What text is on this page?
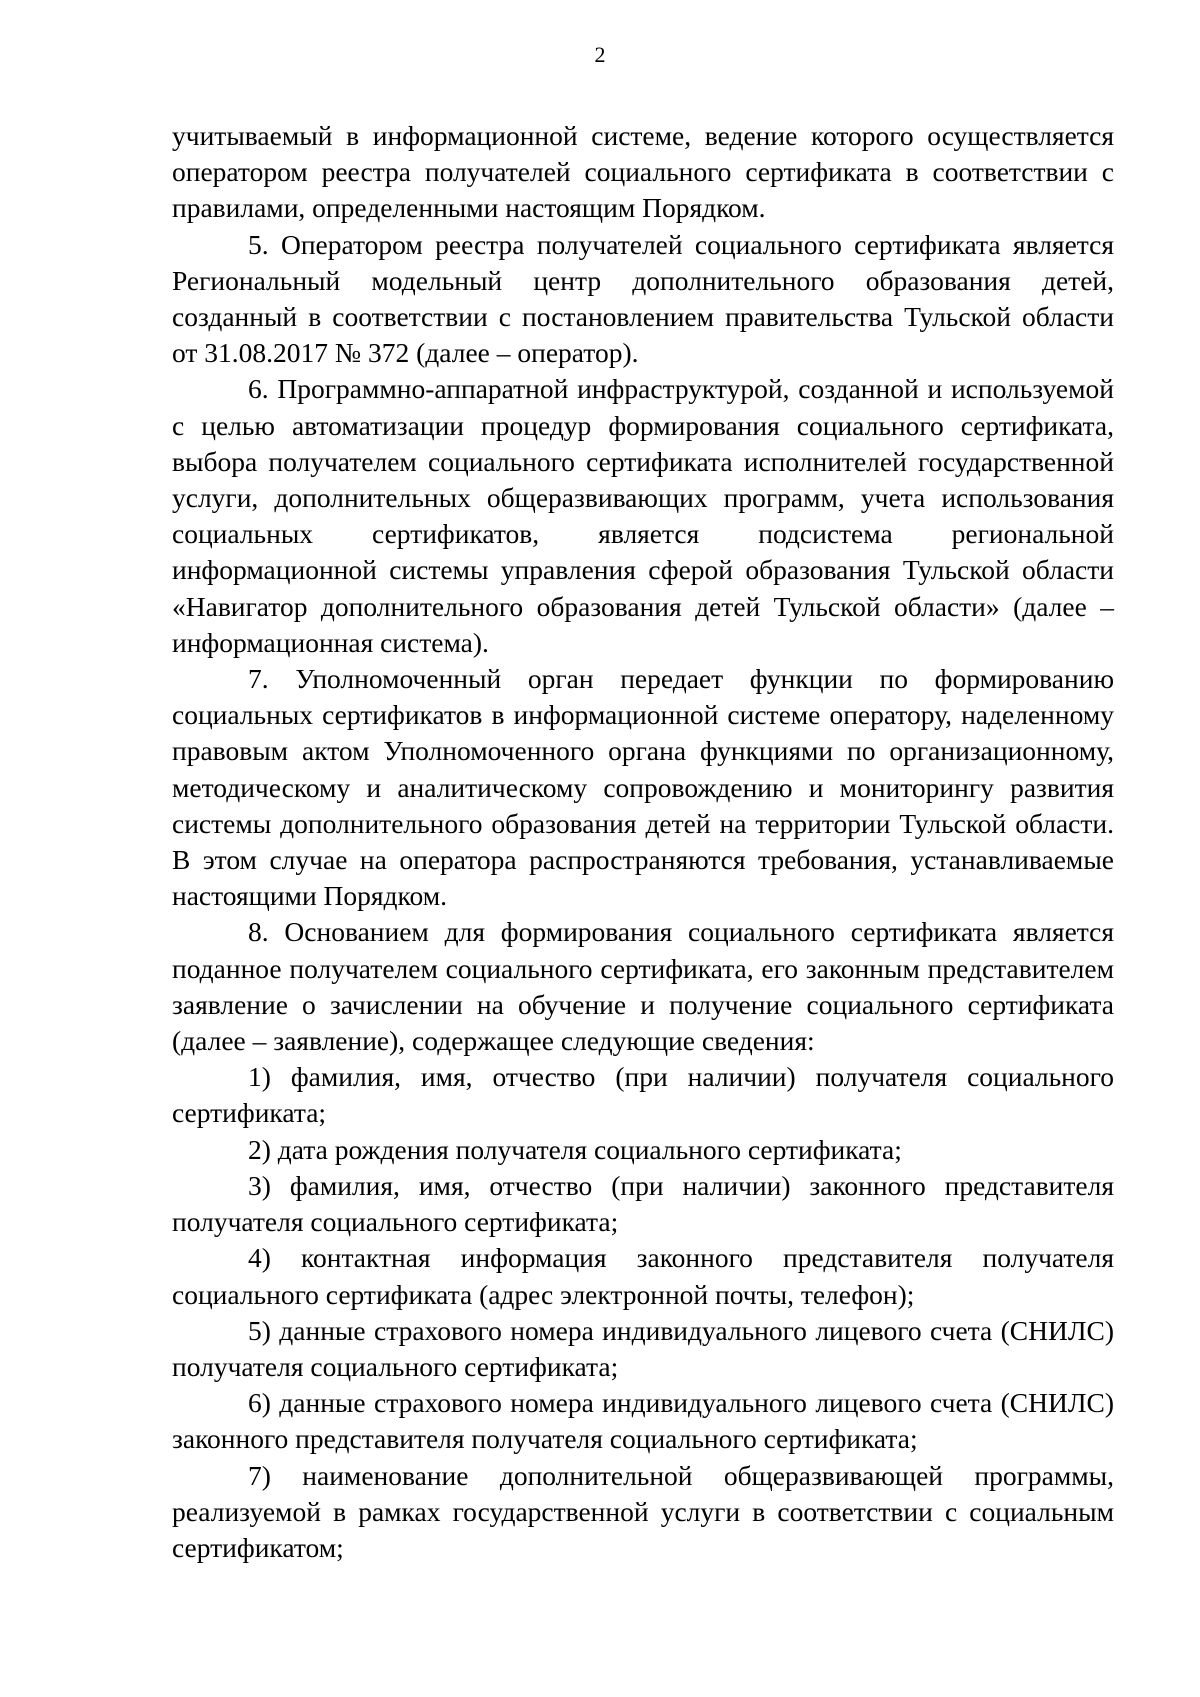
2

учитываемый в информационной системе, ведение которого осуществляется оператором реестра получателей социального сертификата в соответствии с правилами, определенными настоящим Порядком.

5. Оператором реестра получателей социального сертификата является Региональный модельный центр дополнительного образования детей, созданный в соответствии с постановлением правительства Тульской области от 31.08.2017 № 372 (далее – оператор).

6. Программно-аппаратной инфраструктурой, созданной и используемой с целью автоматизации процедур формирования социального сертификата, выбора получателем социального сертификата исполнителей государственной услуги, дополнительных общеразвивающих программ, учета использования социальных сертификатов, является подсистема региональной информационной системы управления сферой образования Тульской области «Навигатор дополнительного образования детей Тульской области» (далее – информационная система).

7. Уполномоченный орган передает функции по формированию социальных сертификатов в информационной системе оператору, наделенному правовым актом Уполномоченного органа функциями по организационному, методическому и аналитическому сопровождению и мониторингу развития системы дополнительного образования детей на территории Тульской области. В этом случае на оператора распространяются требования, устанавливаемые настоящими Порядком.

8. Основанием для формирования социального сертификата является поданное получателем социального сертификата, его законным представителем заявление о зачислении на обучение и получение социального сертификата (далее – заявление), содержащее следующие сведения:

1) фамилия, имя, отчество (при наличии) получателя социального сертификата;

2) дата рождения получателя социального сертификата;

3) фамилия, имя, отчество (при наличии) законного представителя получателя социального сертификата;

4) контактная информация законного представителя получателя социального сертификата (адрес электронной почты, телефон);

5) данные страхового номера индивидуального лицевого счета (СНИЛС) получателя социального сертификата;

6) данные страхового номера индивидуального лицевого счета (СНИЛС) законного представителя получателя социального сертификата;

7) наименование дополнительной общеразвивающей программы, реализуемой в рамках государственной услуги в соответствии с социальным сертификатом;
